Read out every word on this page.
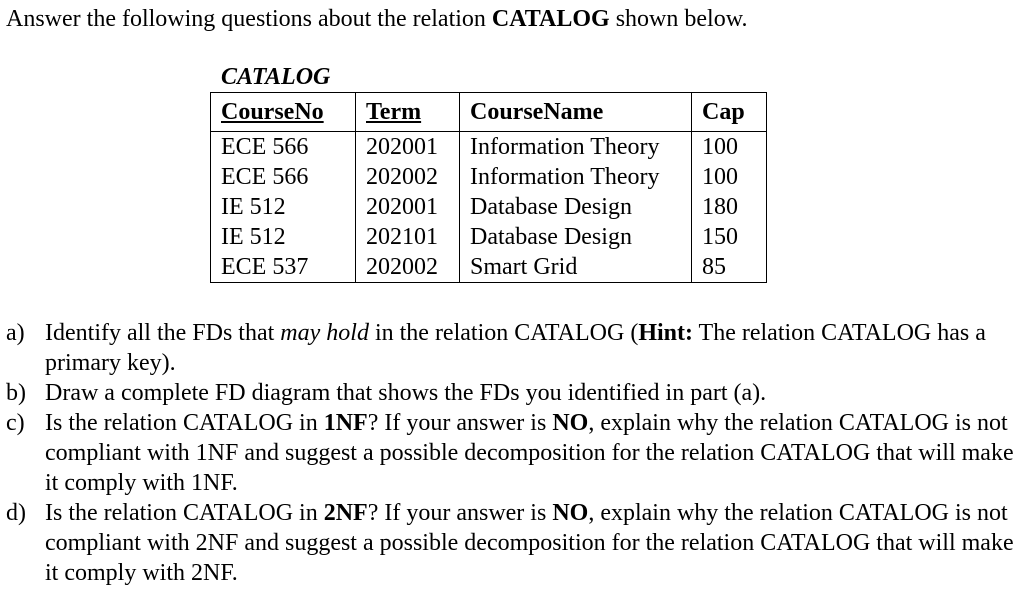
Answer the following questions about the relation CATALOG shown below.
CATALOG
CourseNo	Term	CourseName	Cap
ECE 566	202001	Information Theory	100
ECE 566	202002	Information Theory	100
IE 512	202001	Database Design	180
IE 512	202101	Database Design	150
ECE 537	202002	Smart Grid	85
a) Identify all the FDs that may hold in the relation CATALOG (Hint: The relation CATALOG has a primary key).
b) Draw a complete FD diagram that shows the FDs you identified in part (a).
c) Is the relation CATALOG in 1NF? If your answer is NO, explain why the relation CATALOG is not compliant with 1NF and suggest a possible decomposition for the relation CATALOG that will make it comply with 1NF.
d) Is the relation CATALOG in 2NF? If your answer is NO, explain why the relation CATALOG is not compliant with 2NF and suggest a possible decomposition for the relation CATALOG that will make it comply with 2NF.
